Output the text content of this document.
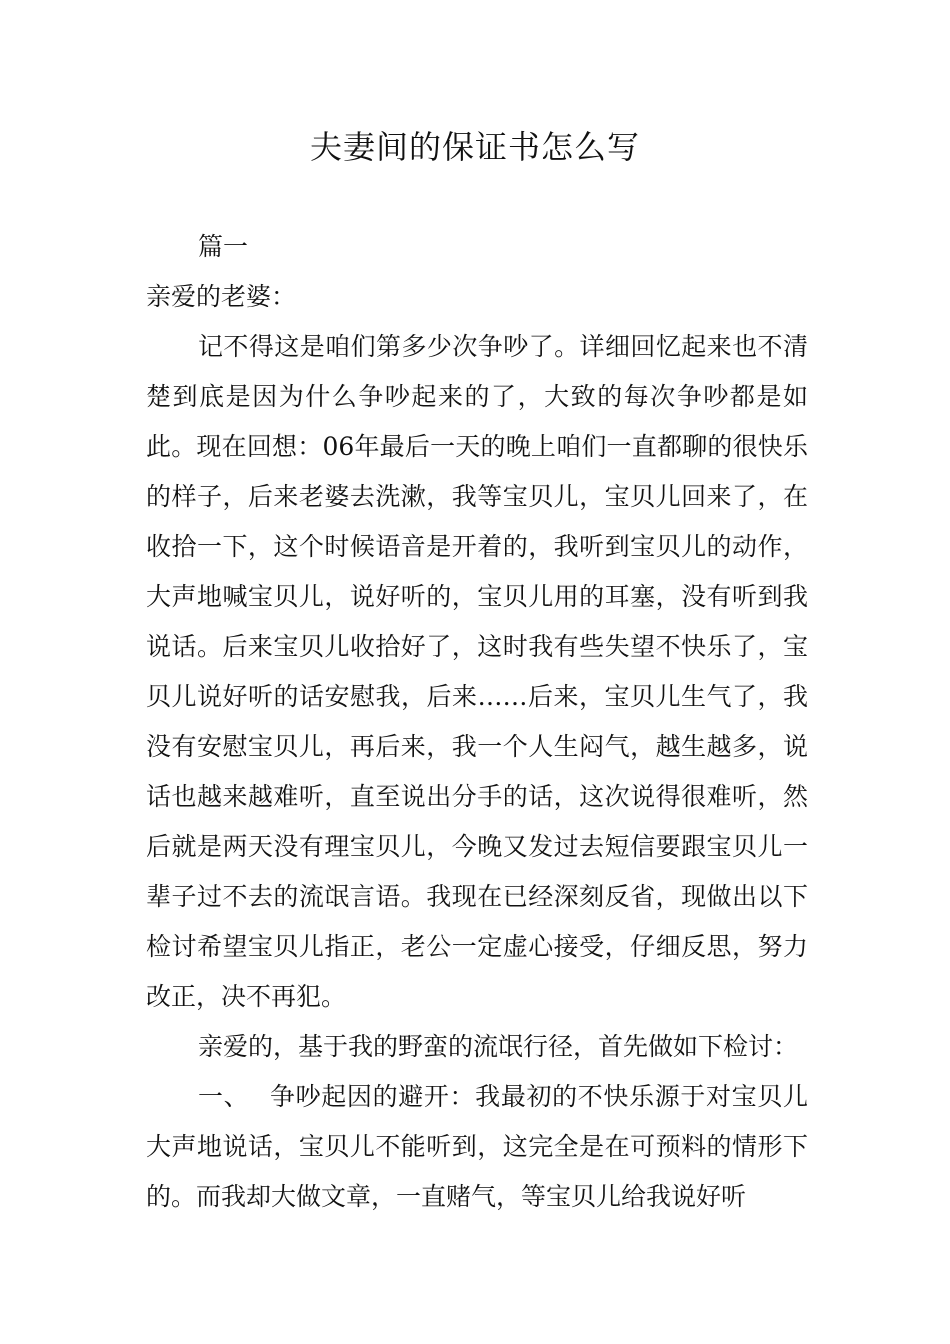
夫妻间的保证书怎么写

篇一

亲爱的老婆：

记不得这是咱们第多少次争吵了。详细回忆起来也不清楚到底是因为什么争吵起来的了，大致的每次争吵都是如此。现在回想：06年最后一天的晚上咱们一直都聊的很快乐的样子，后来老婆去洗漱，我等宝贝儿，宝贝儿回来了，在收拾一下，这个时候语音是开着的，我听到宝贝儿的动作，大声地喊宝贝儿，说好听的，宝贝儿用的耳塞，没有听到我说话。后来宝贝儿收拾好了，这时我有些失望不快乐了，宝贝儿说好听的话安慰我，后来……后来，宝贝儿生气了，我没有安慰宝贝儿，再后来，我一个人生闷气，越生越多，说话也越来越难听，直至说出分手的话，这次说得很难听，然后就是两天没有理宝贝儿，今晚又发过去短信要跟宝贝儿一辈子过不去的流氓言语。我现在已经深刻反省，现做出以下检讨希望宝贝儿指正，老公一定虚心接受，仔细反思，努力改正，决不再犯。

亲爱的，基于我的野蛮的流氓行径，首先做如下检讨：

一、 争吵起因的避开：我最初的不快乐源于对宝贝儿大声地说话，宝贝儿不能听到，这完全是在可预料的情形下的。而我却大做文章，一直赌气，等宝贝儿给我说好听
